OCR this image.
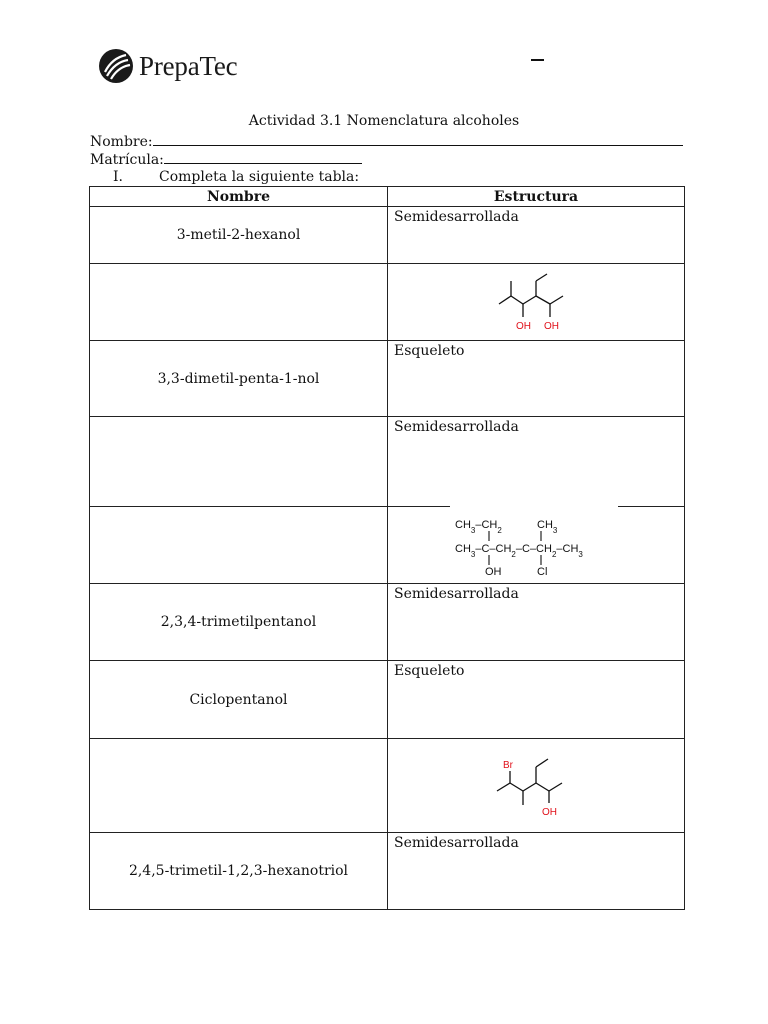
PrepaTec
Actividad 3.1 Nomenclatura alcoholes
Nombre:
Matrícula:
I.	Completa la siguiente tabla:
Nombre	Estructura
3-metil-2-hexanol	Semidesarrollada

OH OH

3,3-dimetil-penta-1-nol	Esqueleto

	Semidesarrollada

$CH_3-CH_2$ $CH_3$
$CH_3-C-CH_2-C-CH_2-CH_3$
OH Cl

2,3,4-trimetilpentanol	Semidesarrollada

Ciclopentanol	Esqueleto

Br
OH

2,4,5-trimetil-1,2,3-hexanotriol	Semidesarrollada
